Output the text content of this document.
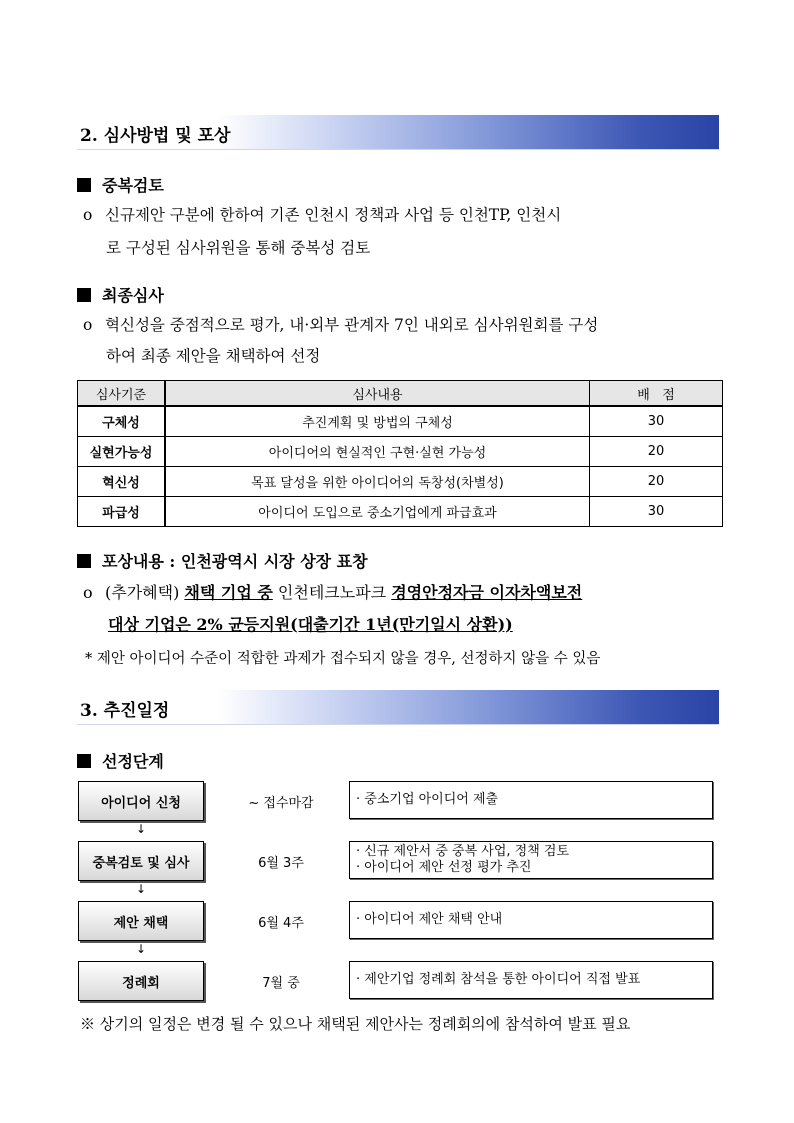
2. 심사방법 및 포상
중복검토
o 신규제안 구분에 한하여 기존 인천시 정책과 사업 등 인천TP, 인천시
로 구성된 심사위원을 통해 중복성 검토
최종심사
o 혁신성을 중점적으로 평가, 내·외부 관계자 7인 내외로 심사위원회를 구성
하여 최종 제안을 채택하여 선정
심사기준	심사내용	배   점
구체성	추진계획 및 방법의 구체성	30
실현가능성	아이디어의 현실적인 구현·실현 가능성	20
혁신성	목표 달성을 위한 아이디어의 독창성(차별성)	20
파급성	아이디어 도입으로 중소기업에게 파급효과	30
포상내용 : 인천광역시 시장 상장 표창
o (추가혜택) 채택 기업 중 인천테크노파크 경영안정자금 이자차액보전
대상 기업은 2% 균등지원(대출기간 1년(만기일시 상환))
* 제안 아이디어 수준이 적합한 과제가 접수되지 않을 경우, 선정하지 않을 수 있음
3. 추진일정
선정단계
아이디어 신청	~ 접수마감	· 중소기업 아이디어 제출
↓
중복검토 및 심사	6월 3주
· 신규 제안서 중 중복 사업, 정책 검토
· 아이디어 제안 선정 평가 추진
↓
제안 채택	6월 4주	· 아이디어 제안 채택 안내
↓
정례회	7월 중	· 제안기업 정례회 참석을 통한 아이디어 직접 발표
※ 상기의 일정은 변경 될 수 있으나 채택된 제안사는 정례회의에 참석하여 발표 필요
